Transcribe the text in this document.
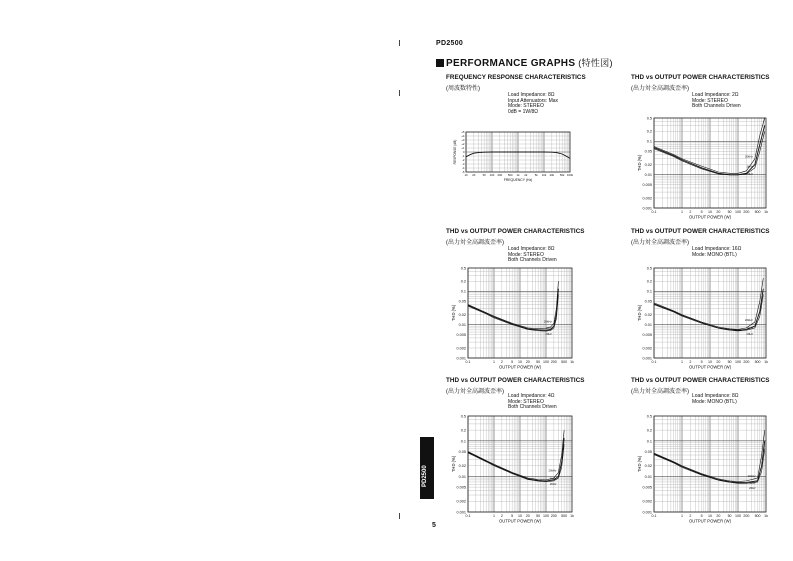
PD2500
PERFORMANCE GRAPHS (特性図)
FREQUENCY RESPONSE CHARACTERISTICS
(周波数特性)
Load Impedance: 8Ω
Input Attenuators: Max
Mode: STEREO
0dB = 1W/8Ω
THD vs OUTPUT POWER CHARACTERISTICS
(出力対全高調波歪率)
Load Impedance: 2Ω
Mode: STEREO
Both Channels Driven
THD vs OUTPUT POWER CHARACTERISTICS
(出力対全高調波歪率)
Load Impedance: 8Ω
Mode: STEREO
Both Channels Driven
THD vs OUTPUT POWER CHARACTERISTICS
(出力対全高調波歪率)
Load Impedance: 16Ω
Mode: MONO (BTL)
THD vs OUTPUT POWER CHARACTERISTICS
(出力対全高調波歪率)
Load Impedance: 4Ω
Mode: STEREO
Both Channels Driven
THD vs OUTPUT POWER CHARACTERISTICS
(出力対全高調波歪率)
Load Impedance: 8Ω
Mode: MONO (BTL)
+5
+4
+3
+2
+1
0
-1
-2
-3
-4
-5
10 20	50 100 200 500 1k 2k	5k 10k 20k 50k 100k
FREQUENCY (Hz)
RESPONSE (dB)
0.5
0.2
0.1
0.05
0.02
0.01
0.005
0.002
0.001
0.1	1 2	5 10 20 50 100 200 500 1k
OUTPUT POWER (W)
THD (%)	20kHz
1kHz
20Hz
0.5
0.2
0.1
0.05
0.02
0.01
0.005
0.002
0.001
0.1	1 2 5 10 20 50 100 200 500 1k
OUTPUT POWER (W)
THD (%)
20kHz
1kHz
20Hz
0.5
0.2
0.1
0.05
0.02
0.01
0.005
0.002
0.001
0.1	1 2	5 10 20 50 100 200 500 1k
OUTPUT POWER (W)
THD (%)	20kHz
1kHz
20Hz
0.5
0.2
0.1
0.05
0.02
0.01
0.005
0.002
0.001
0.1	1 2 5 10 20 50 100 200 500 1k
OUTPUT POWER (W)
THD (%)	20kHz
1kHz
20Hz
0.5
0.2
0.1
0.05
0.02
0.01
0.005
0.002
0.001
0.1	1 2	5 10 20 50 100 200 500 1k
OUTPUT POWER (W)
THD (%)
20kHz
1kHz
20Hz
PD2500
5
